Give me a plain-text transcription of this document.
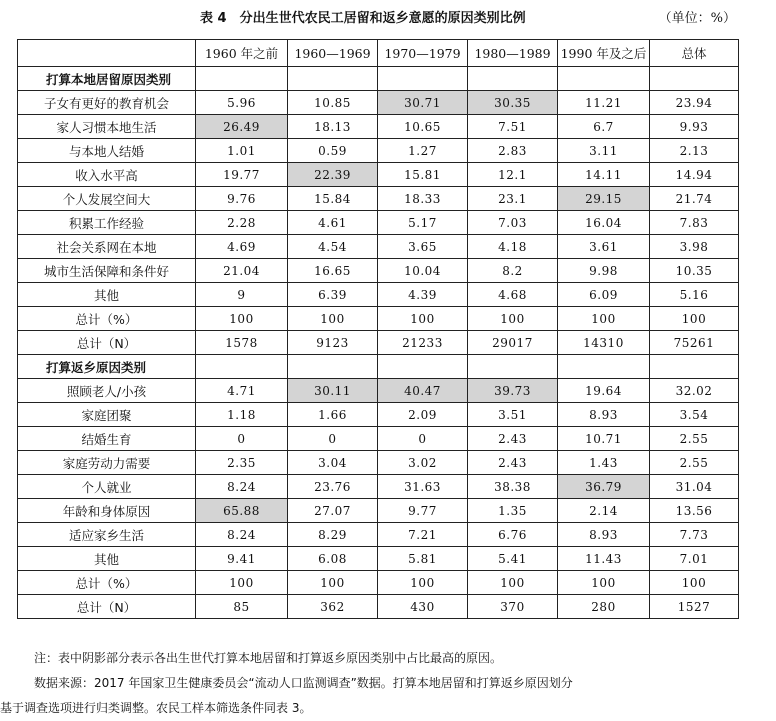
表 4　分出生世代农民工居留和返乡意愿的原因类别比例	（单位：%）
	1960 年之前	1960—1969	1970—1979	1980—1989	1990 年及之后	总体
打算本地居留原因类别						
子女有更好的教育机会	5.96	10.85	30.71	30.35	11.21	23.94
家人习惯本地生活	26.49	18.13	10.65	7.51	6.7	9.93
与本地人结婚	1.01	0.59	1.27	2.83	3.11	2.13
收入水平高	19.77	22.39	15.81	12.1	14.11	14.94
个人发展空间大	9.76	15.84	18.33	23.1	29.15	21.74
积累工作经验	2.28	4.61	5.17	7.03	16.04	7.83
社会关系网在本地	4.69	4.54	3.65	4.18	3.61	3.98
城市生活保障和条件好	21.04	16.65	10.04	8.2	9.98	10.35
其他	9	6.39	4.39	4.68	6.09	5.16
总计（%）	100	100	100	100	100	100
总计（N）	1578	9123	21233	29017	14310	75261
打算返乡原因类别						
照顾老人/小孩	4.71	30.11	40.47	39.73	19.64	32.02
家庭团聚	1.18	1.66	2.09	3.51	8.93	3.54
结婚生育	0	0	0	2.43	10.71	2.55
家庭劳动力需要	2.35	3.04	3.02	2.43	1.43	2.55
个人就业	8.24	23.76	31.63	38.38	36.79	31.04
年龄和身体原因	65.88	27.07	9.77	1.35	2.14	13.56
适应家乡生活	8.24	8.29	7.21	6.76	8.93	7.73
其他	9.41	6.08	5.81	5.41	11.43	7.01
总计（%）	100	100	100	100	100	100
总计（N）	85	362	430	370	280	1527
注：表中阴影部分表示各出生世代打算本地居留和打算返乡原因类别中占比最高的原因。
数据来源：2017 年国家卫生健康委员会“流动人口监测调查”数据。打算本地居留和打算返乡原因划分
基于调查选项进行归类调整。农民工样本筛选条件同表 3。
